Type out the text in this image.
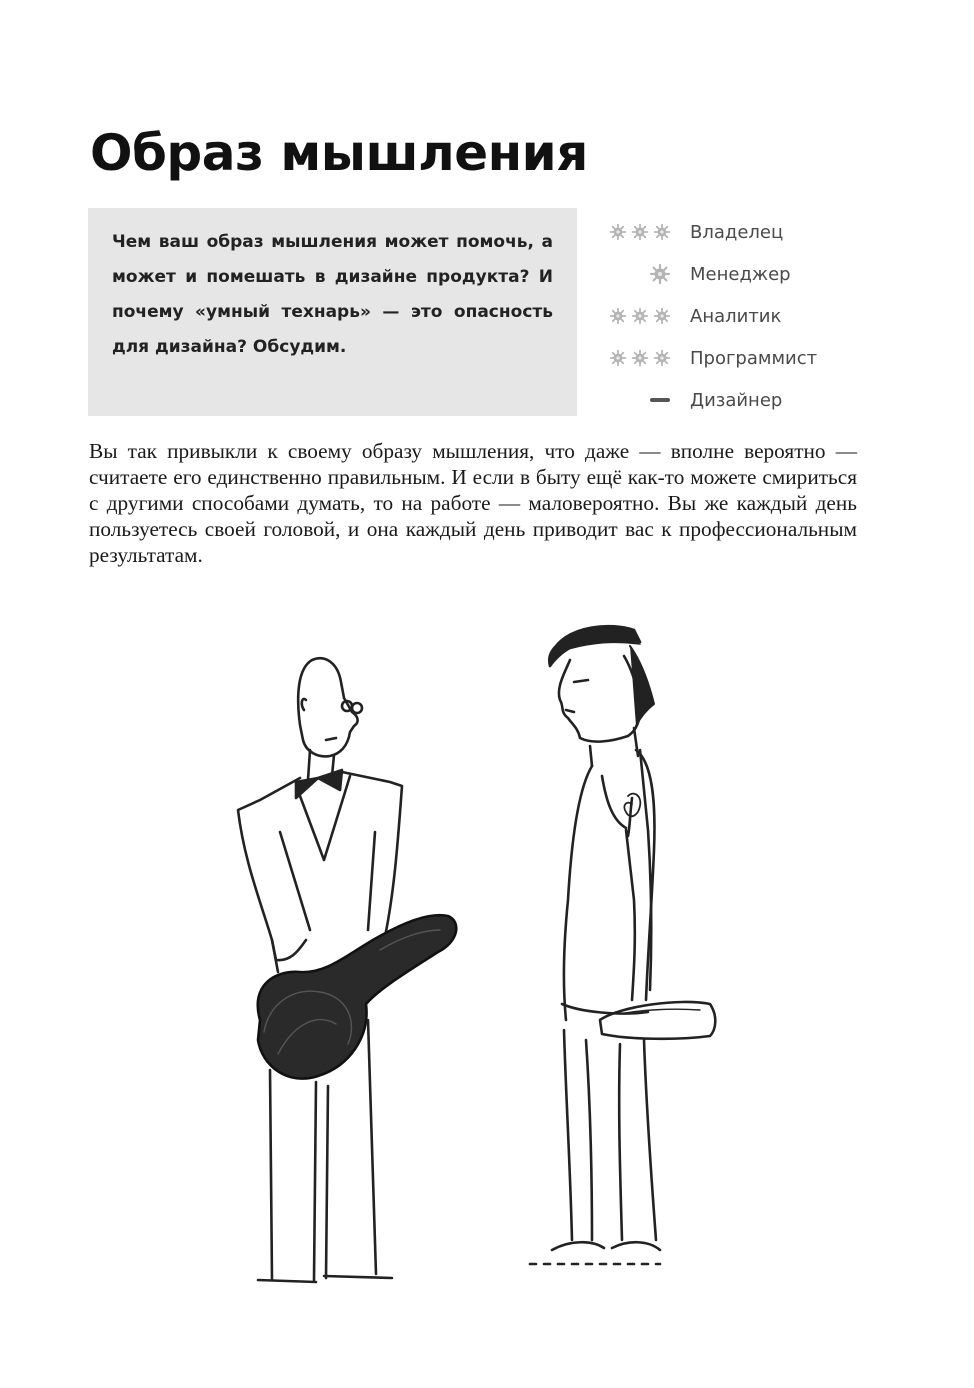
Образ мышления

Чем ваш образ мышления может помочь, а может и помешать в дизайне продукта? И почему «умный технарь» — это опасность для дизайна? Обсудим.

Владелец
Менеджер
Аналитик
Программист
Дизайнер

Вы так привыкли к своему образу мышления, что даже — вполне вероятно — считаете его единственно правильным. И если в быту ещё как-то можете смириться с другими способами думать, то на работе — маловероятно. Вы же каждый день пользуетесь своей головой, и она каждый день приводит вас к профессиональным результатам.
